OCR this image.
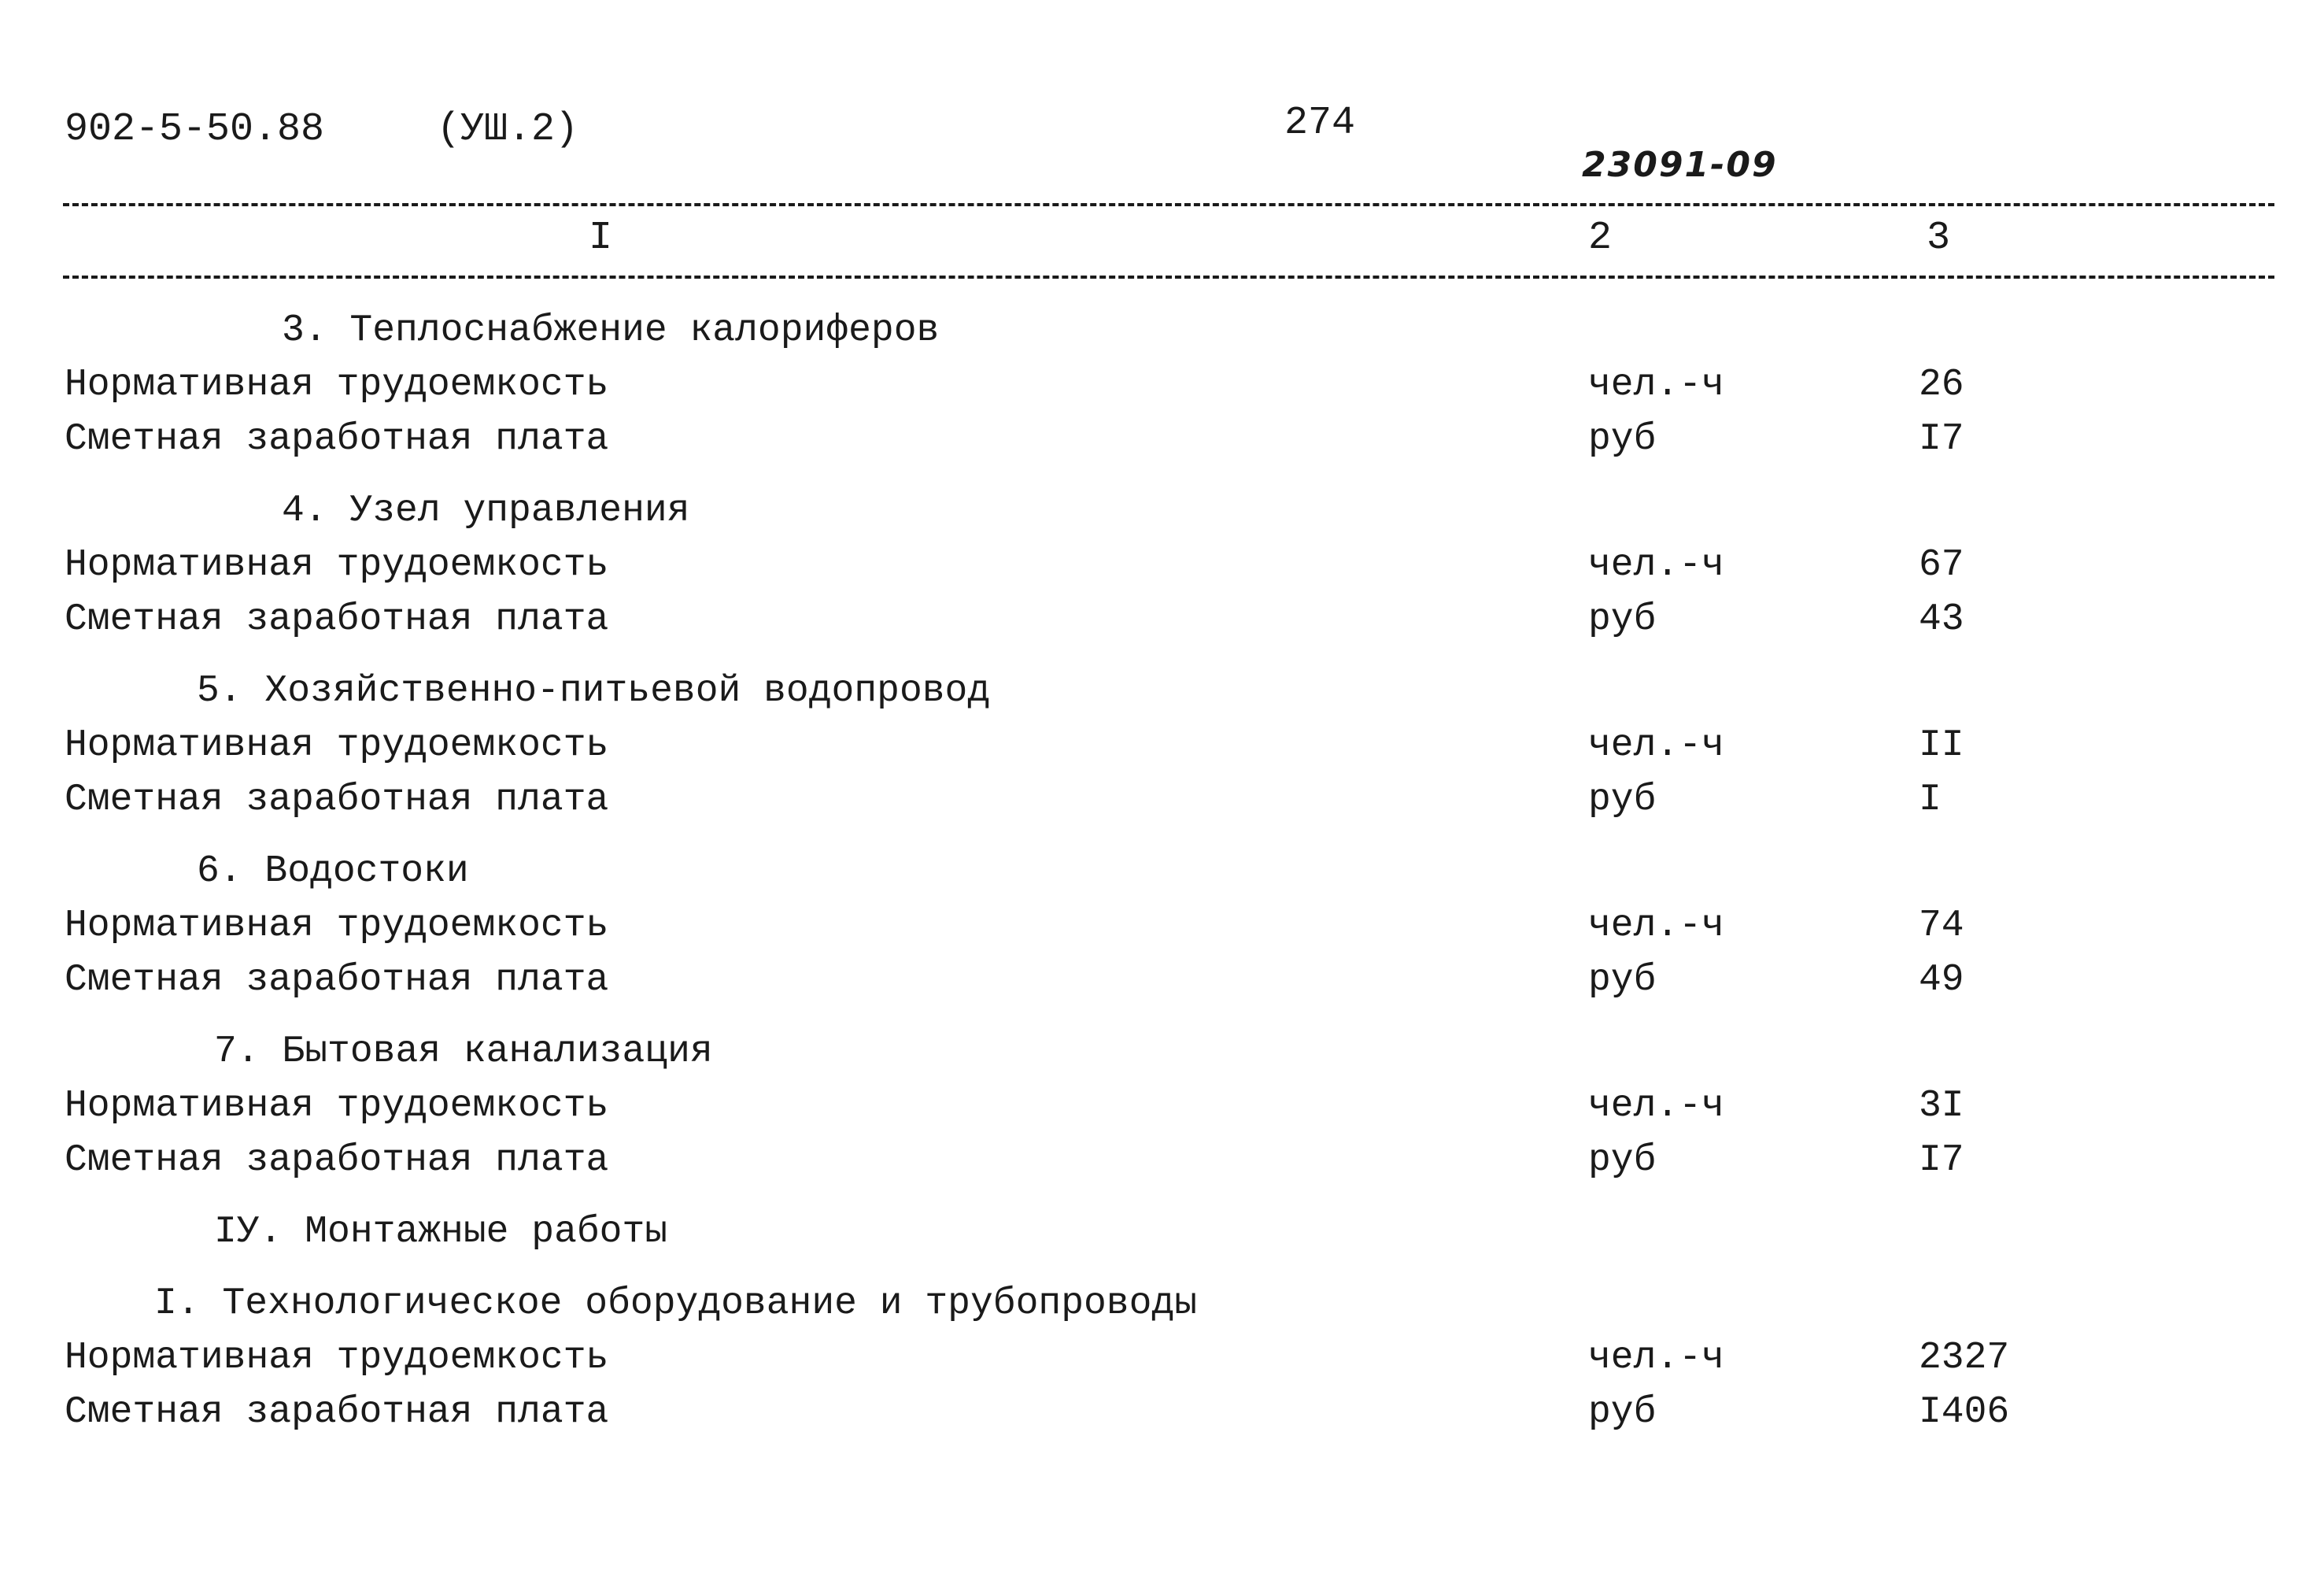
902-5-50.88	(УШ.2)	274
23091-09
I	2	3
3. Теплоснабжение калориферов
Нормативная трудоемкость	чел.-ч	26
Сметная заработная плата	руб	I7
4. Узел управления
Нормативная трудоемкость	чел.-ч	67
Сметная заработная плата	руб	43
5. Хозяйственно-питьевой водопровод
Нормативная трудоемкость	чел.-ч	II
Сметная заработная плата	руб	I
6. Водостоки
Нормативная трудоемкость	чел.-ч	74
Сметная заработная плата	руб	49
7. Бытовая канализация
Нормативная трудоемкость	чел.-ч	3I
Сметная заработная плата	руб	I7
IУ. Монтажные работы
I. Технологическое оборудование и трубопроводы
Нормативная трудоемкость	чел.-ч	2327
Сметная заработная плата	руб	I406
